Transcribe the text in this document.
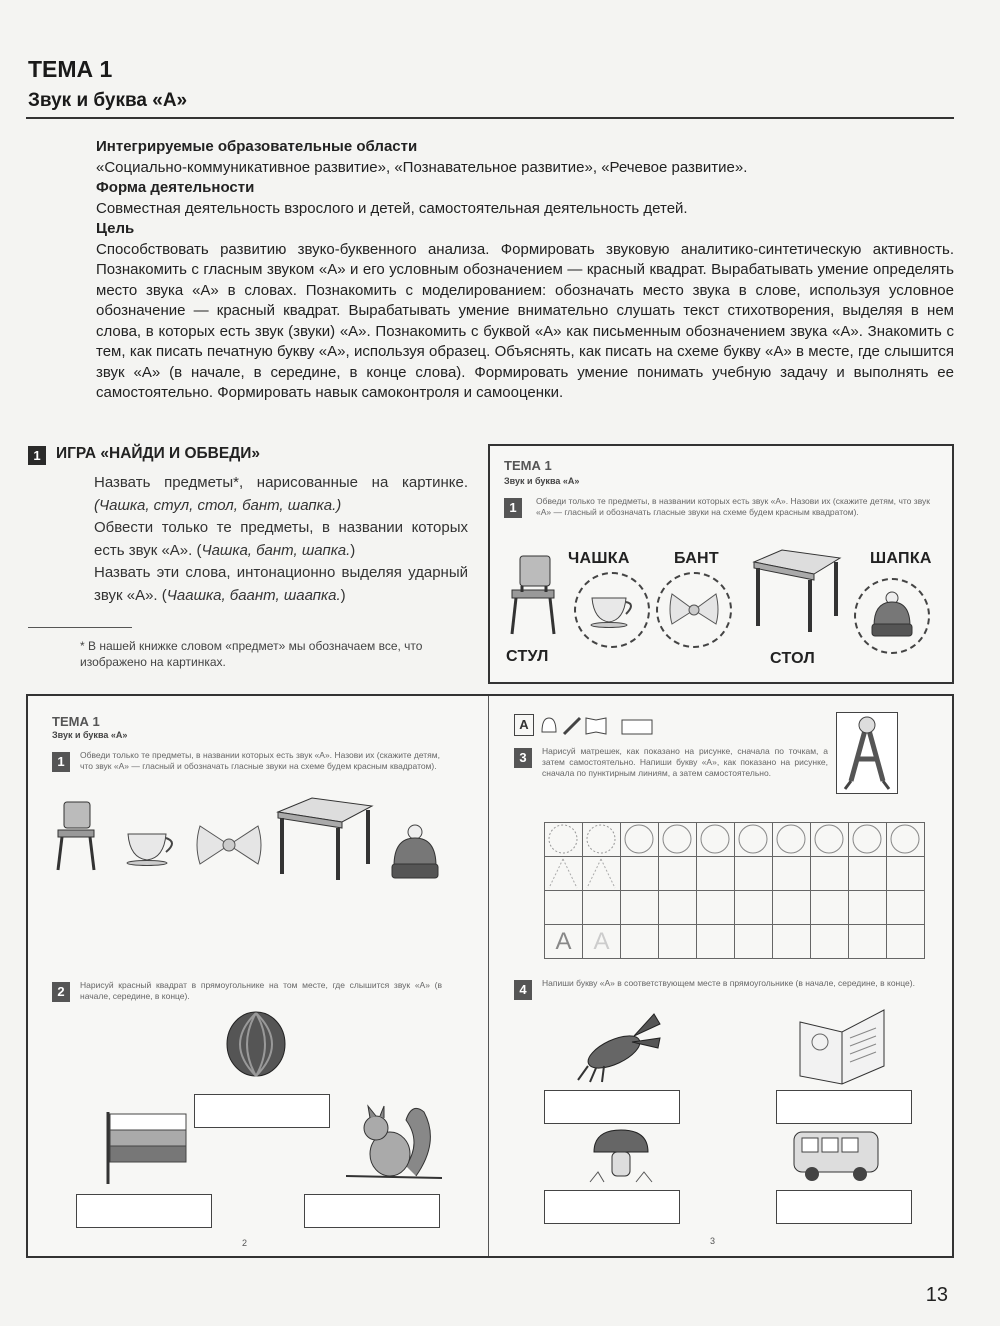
ТЕМА 1
Звук и буква «А»
Интегрируемые образовательные области
«Социально-коммуникативное развитие», «Познавательное развитие», «Речевое развитие».
Форма деятельности
Совместная деятельность взрослого и детей, самостоятельная деятельность детей.
Цель
Способствовать развитию звуко-буквенного анализа. Формировать звуковую аналитико-синтетическую активность. Познакомить с гласным звуком «А» и его условным обозначением — красный квадрат. Вырабатывать умение определять место звука «А» в словах. Познакомить с моделированием: обозначать место звука в слове, используя условное обозначение — красный квадрат. Вырабатывать умение внимательно слушать текст стихотворения, выделяя в нем слова, в которых есть звук (звуки) «А». Познакомить с буквой «А» как письменным обозначением звука «А». Знакомить с тем, как писать печатную букву «А», используя образец. Объяснять, как писать на схеме букву «А» в месте, где слышится звук «А» (в начале, в середине, в конце слова). Формировать умение понимать учебную задачу и выполнять ее самостоятельно. Формировать навык самоконтроля и самооценки.
1 ИГРА «НАЙДИ И ОБВЕДИ»

Назвать предметы*, нарисованные на картинке. (Чашка, стул, стол, бант, шапка.)

Обвести только те предметы, в названии которых есть звук «А». (Чашка, бант, шапка.)

Назвать эти слова, интонационно выделяя ударный звук «А». (Чаашка, баант, шаапка.)

* В нашей книжке словом «предмет» мы обозначаем все, что изображено на картинках.
ТЕМА 1
Звук и буква «А»
1	Обведи только те предметы, в названии которых есть звук «А». Назови их (скажите детям, что звук «А» — гласный и обозначать гласные звуки на схеме будем красным квадратом).
СТУЛ
ЧАШКА	БАНТ
СТОЛ
ШАПКА
ТЕМА 1
Звук и буква «А»
1	Обведи только те предметы, в названии которых есть звук «А». Назови их (скажите детям, что звук «А» — гласный и обозначать гласные звуки на схеме будем красным квадратом).
2	Нарисуй красный квадрат в прямоугольнике на том месте, где слышится звук «А» (в начале, середине, в конце).
2
А
3	Нарисуй матрешек, как показано на рисунке, сначала по точкам, а затем самостоятельно. Напиши букву «А», как показано на рисунке, сначала по пунктирным линиям, а затем самостоятельно.

А	А								
4	Напиши букву «А» в соответствующем месте в прямоугольнике (в начале, середине, в конце).
3
13
